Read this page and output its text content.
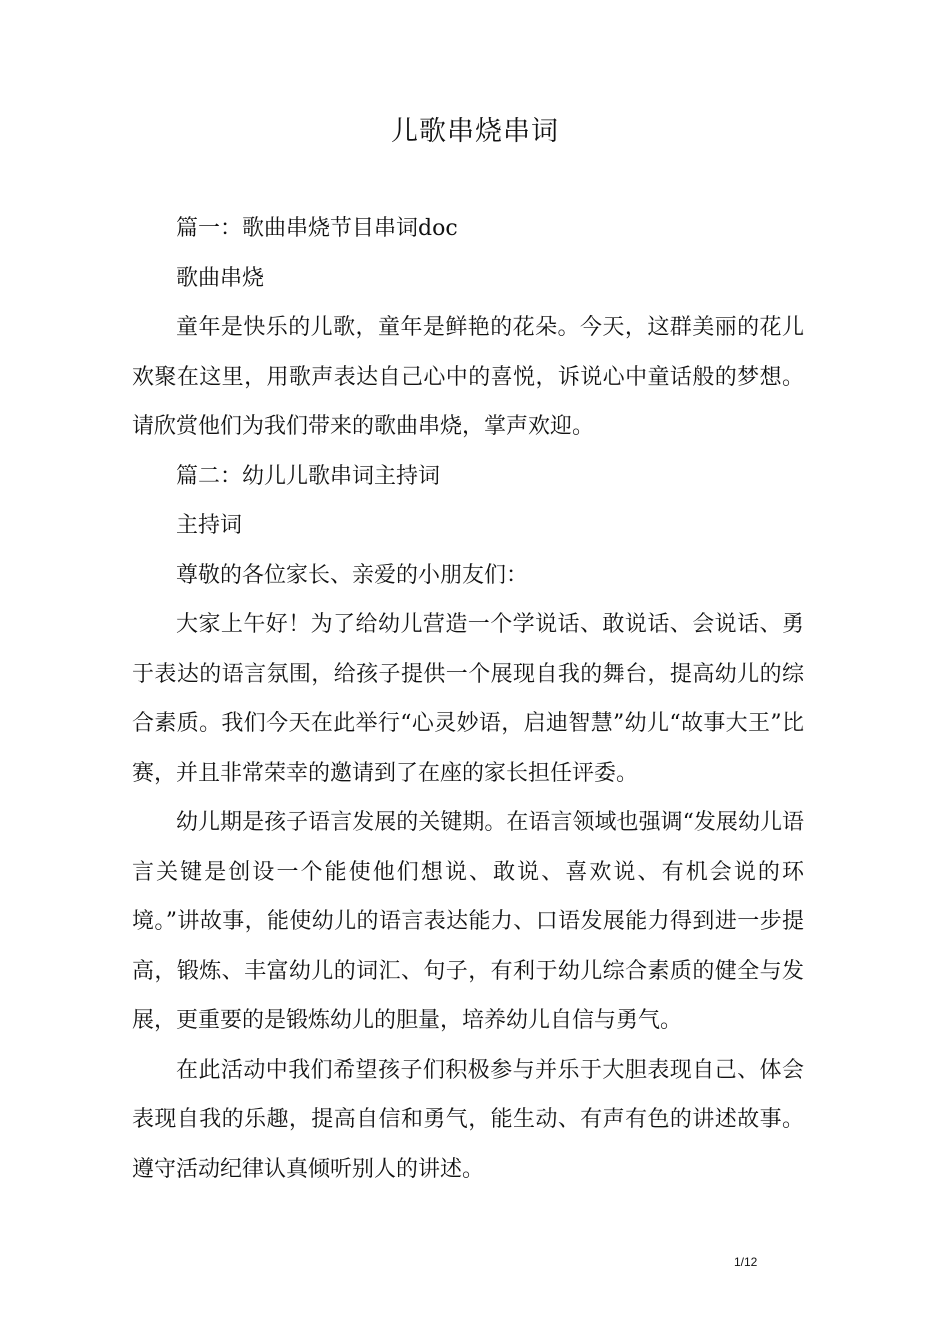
儿歌串烧串词

篇一：歌曲串烧节目串词doc

歌曲串烧

童年是快乐的儿歌，童年是鲜艳的花朵。今天，这群美丽的花儿欢聚在这里，用歌声表达自己心中的喜悦，诉说心中童话般的梦想。请欣赏他们为我们带来的歌曲串烧，掌声欢迎。

篇二：幼儿儿歌串词主持词

主持词

尊敬的各位家长、亲爱的小朋友们：

大家上午好！为了给幼儿营造一个学说话、敢说话、会说话、勇于表达的语言氛围，给孩子提供一个展现自我的舞台，提高幼儿的综合素质。我们今天在此举行“心灵妙语，启迪智慧”幼儿“故事大王”比赛，并且非常荣幸的邀请到了在座的家长担任评委。

幼儿期是孩子语言发展的关键期。在语言领域也强调“发展幼儿语言关键是创设一个能使他们想说、敢说、喜欢说、有机会说的环境。”讲故事，能使幼儿的语言表达能力、口语发展能力得到进一步提高，锻炼、丰富幼儿的词汇、句子，有利于幼儿综合素质的健全与发展，更重要的是锻炼幼儿的胆量，培养幼儿自信与勇气。

在此活动中我们希望孩子们积极参与并乐于大胆表现自己、体会表现自我的乐趣，提高自信和勇气，能生动、有声有色的讲述故事。遵守活动纪律认真倾听别人的讲述。

1/12
